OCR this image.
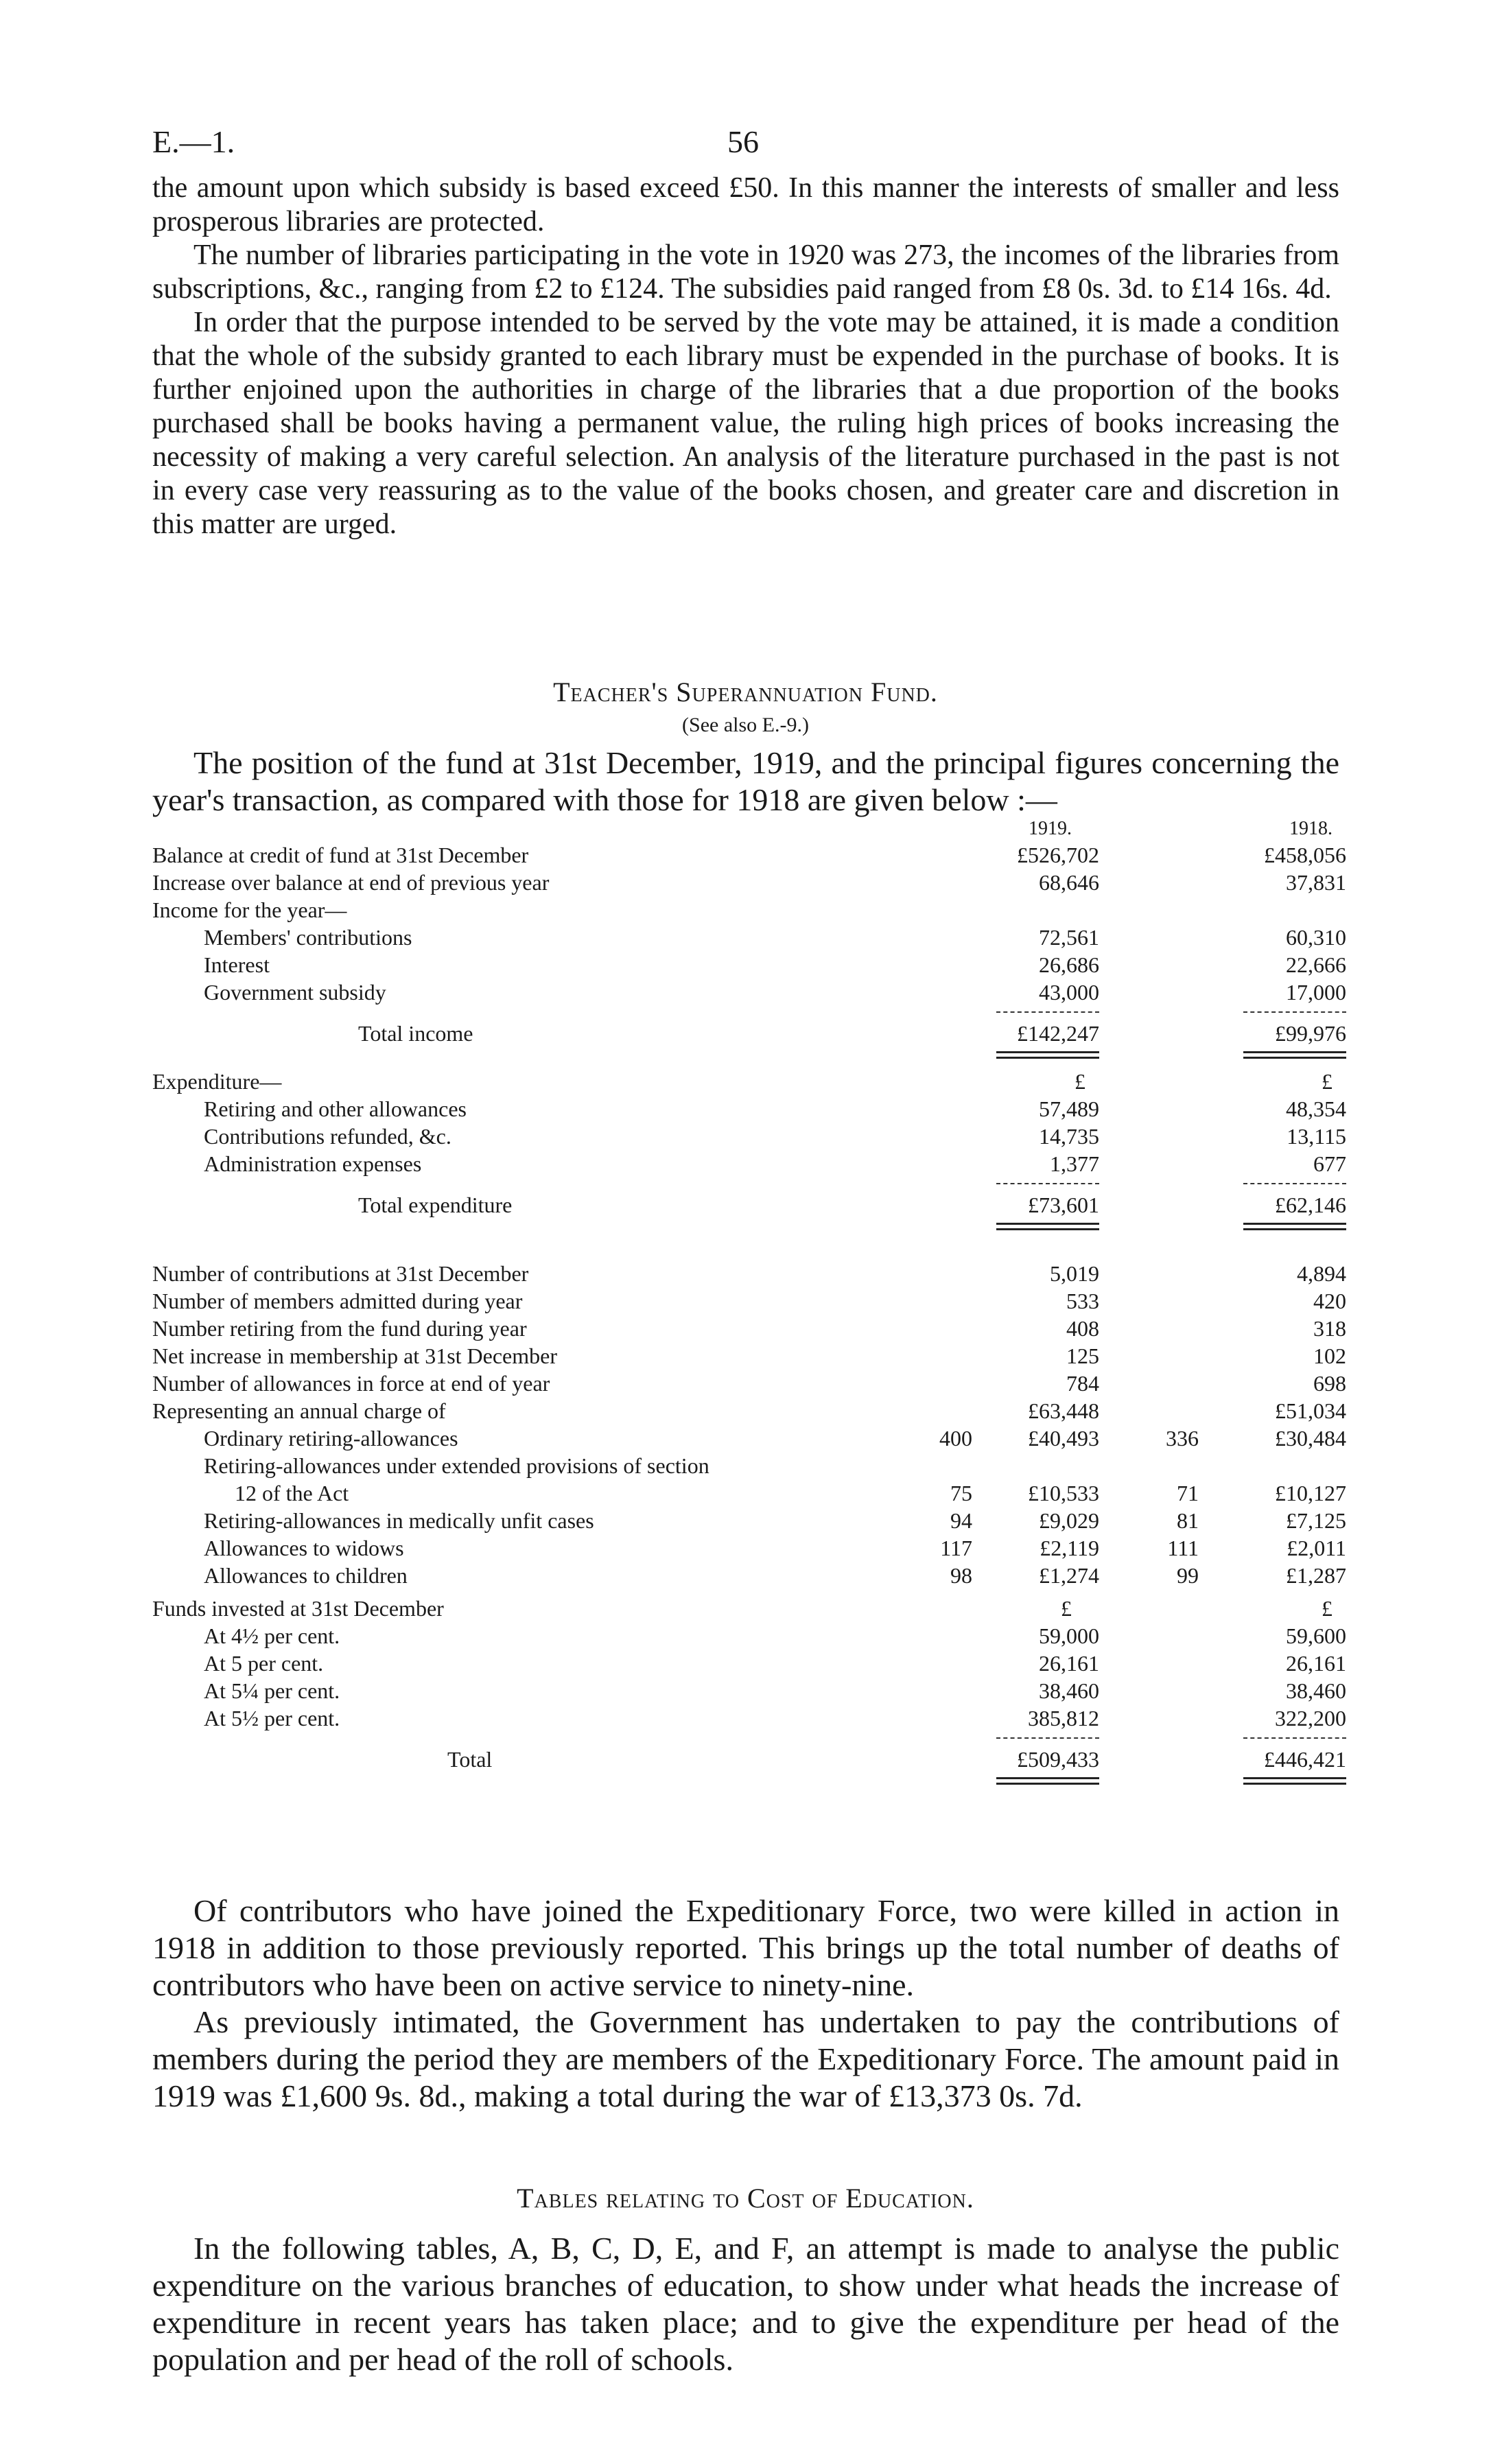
E.—1.	56

the amount upon which subsidy is based exceed £50. In this manner the interests of smaller and less prosperous libraries are protected.

The number of libraries participating in the vote in 1920 was 273, the incomes of the libraries from subscriptions, &c., ranging from £2 to £124. The subsidies paid ranged from £8 0s. 3d. to £14 16s. 4d.

In order that the purpose intended to be served by the vote may be attained, it is made a condition that the whole of the subsidy granted to each library must be expended in the purchase of books. It is further enjoined upon the authorities in charge of the libraries that a due proportion of the books purchased shall be books having a permanent value, the ruling high prices of books increasing the necessity of making a very careful selection. An analysis of the literature purchased in the past is not in every case very reassuring as to the value of the books chosen, and greater care and discretion in this matter are urged.

Teacher's Superannuation Fund.
(See also E.-9.)

The position of the fund at 31st December, 1919, and the principal figures concerning the year's transaction, as compared with those for 1918 are given below :—

1919.	1918.
Balance at credit of fund at 31st December	£526,702	£458,056
Increase over balance at end of previous year	68,646	37,831
Income for the year—
Members' contributions	72,561	60,310
Interest	26,686	22,666
Government subsidy	43,000	17,000
Total income	£142,247	£99,976
Expenditure—	£	£
Retiring and other allowances	57,489	48,354
Contributions refunded, &c.	14,735	13,115
Administration expenses	1,377	677
Total expenditure	£73,601	£62,146
Number of contributions at 31st December	5,019	4,894
Number of members admitted during year	533	420
Number retiring from the fund during year	408	318
Net increase in membership at 31st December	125	102
Number of allowances in force at end of year	784	698
Representing an annual charge of	£63,448	£51,034
Ordinary retiring-allowances	400	£40,493	336	£30,484
Retiring-allowances under extended provisions of section
12 of the Act	75	£10,533	71	£10,127
Retiring-allowances in medically unfit cases	94	£9,029	81	£7,125
Allowances to widows	117	£2,119	111	£2,011
Allowances to children	98	£1,274	99	£1,287
Funds invested at 31st December	£	£
At 4½ per cent.	59,000	59,600
At 5 per cent.	26,161	26,161
At 5¼ per cent.	38,460	38,460
At 5½ per cent.	385,812	322,200
Total	£509,433	£446,421

Of contributors who have joined the Expeditionary Force, two were killed in action in 1918 in addition to those previously reported. This brings up the total number of deaths of contributors who have been on active service to ninety-nine.

As previously intimated, the Government has undertaken to pay the contributions of members during the period they are members of the Expeditionary Force. The amount paid in 1919 was £1,600 9s. 8d., making a total during the war of £13,373 0s. 7d.

Tables relating to Cost of Education.

In the following tables, A, B, C, D, E, and F, an attempt is made to analyse the public expenditure on the various branches of education, to show under what heads the increase of expenditure in recent years has taken place; and to give the expenditure per head of the population and per head of the roll of schools.
